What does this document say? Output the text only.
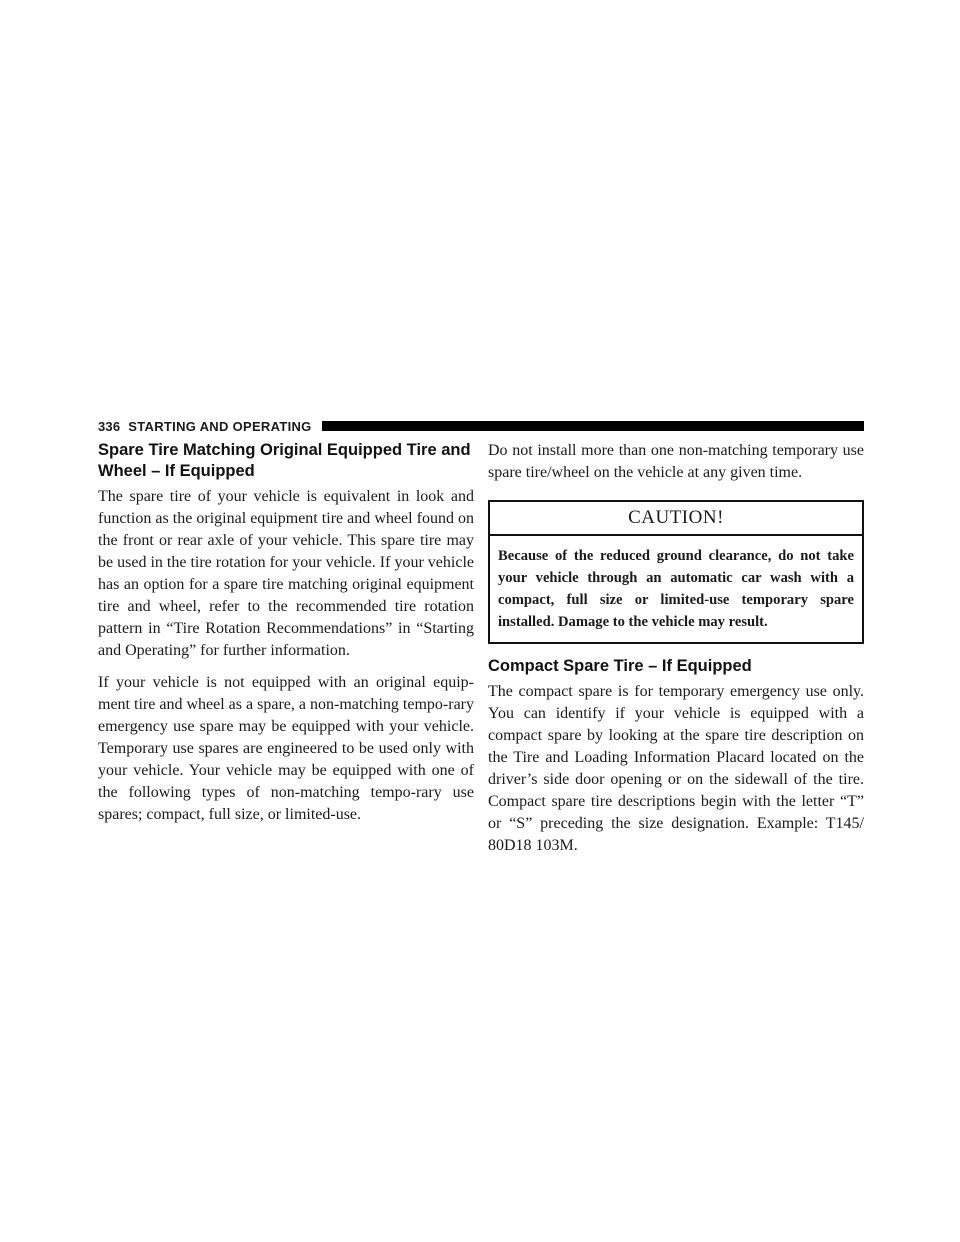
336 STARTING AND OPERATING
Spare Tire Matching Original Equipped Tire and Wheel – If Equipped

The spare tire of your vehicle is equivalent in look and function as the original equipment tire and wheel found on the front or rear axle of your vehicle. This spare tire may be used in the tire rotation for your vehicle. If your vehicle has an option for a spare tire matching original equipment tire and wheel, refer to the recommended tire rotation pattern in “Tire Rotation Recommendations” in “Starting and Operating” for further information.

If your vehicle is not equipped with an original equip-ment tire and wheel as a spare, a non-matching tempo-rary emergency use spare may be equipped with your vehicle. Temporary use spares are engineered to be used only with your vehicle. Your vehicle may be equipped with one of the following types of non-matching tempo-rary use spares; compact, full size, or limited-use.

Do not install more than one non-matching temporary use spare tire/wheel on the vehicle at any given time.

CAUTION!
Because of the reduced ground clearance, do not take your vehicle through an automatic car wash with a compact, full size or limited-use temporary spare installed. Damage to the vehicle may result.
Compact Spare Tire – If Equipped

The compact spare is for temporary emergency use only. You can identify if your vehicle is equipped with a compact spare by looking at the spare tire description on the Tire and Loading Information Placard located on the driver’s side door opening or on the sidewall of the tire. Compact spare tire descriptions begin with the letter “T” or “S” preceding the size designation. Example: T145/ 80D18 103M.
